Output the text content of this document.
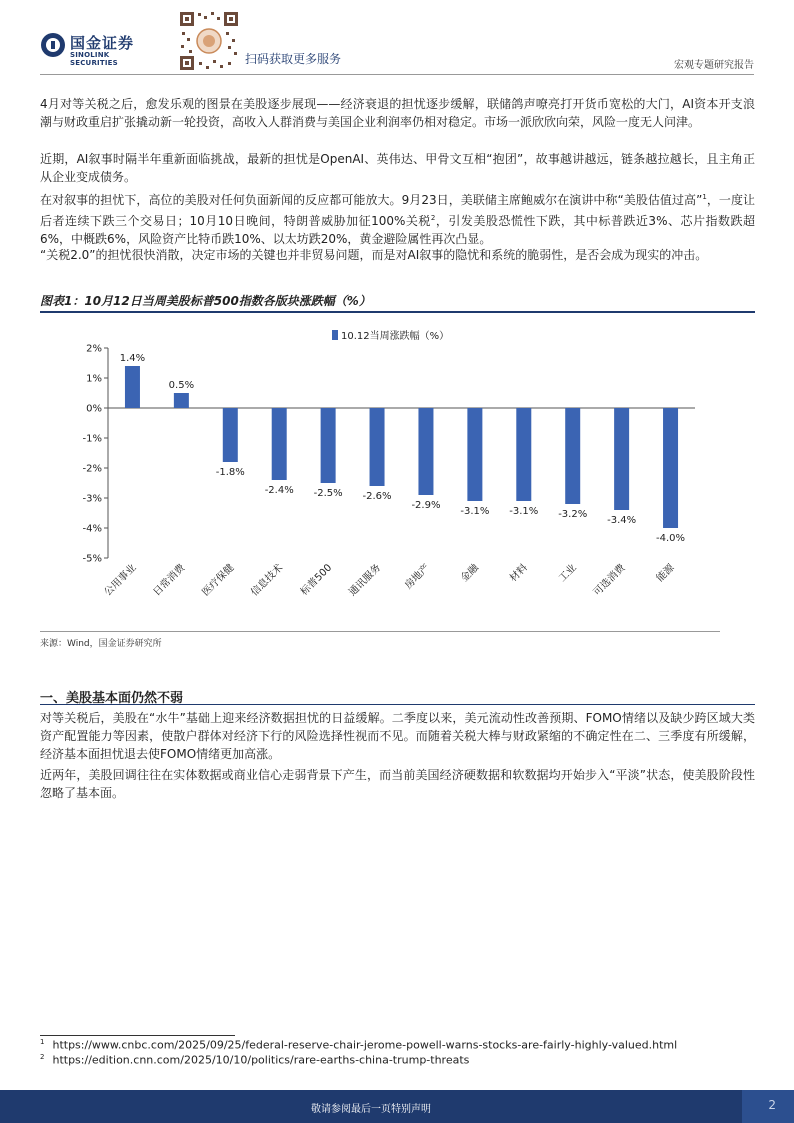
国金证券
SINOLINK SECURITIES	扫码获取更多服务	宏观专题研究报告

4月对等关税之后，愈发乐观的图景在美股逐步展现——经济衰退的担忧逐步缓解，联储鸽声嘹亮打开货币宽松的大门，AI资本开支浪潮与财政重启扩张撬动新一轮投资，高收入人群消费与美国企业利润率仍相对稳定。市场一派欣欣向荣，风险一度无人问津。

近期，AI叙事时隔半年重新面临挑战，最新的担忧是OpenAI、英伟达、甲骨文互相“抱团”，故事越讲越远，链条越拉越长，且主角正从企业变成债务。

在对叙事的担忧下，高位的美股对任何负面新闻的反应都可能放大。9月23日，美联储主席鲍威尔在演讲中称“美股估值过高”$^1$，一度让后者连续下跌三个交易日；10月10日晚间，特朗普威胁加征100%关税$^2$，引发美股恐慌性下跌，其中标普跌近3%、芯片指数跌超6%，中概跌6%，风险资产比特币跌10%、以太坊跌20%，黄金避险属性再次凸显。

“关税2.0”的担忧很快消散，决定市场的关键也并非贸易问题，而是对AI叙事的隐忧和系统的脆弱性，是否会成为现实的冲击。

图表1：10月12日当周美股标普500指数各版块涨跌幅（%）
10.12当周涨跌幅（%）
2%
1%
0%
-1%
-2%
-3%
-4%
-5%
1.4%
0.5%
-1.8%
-2.4% -2.5% -2.6%
-2.9%
-3.1% -3.1% -3.2%
-3.4%
-4.0%
公用事业 日常消费 医疗保健 信息技术 标普500 通讯服务 房地产	金融	材料	工业 可选消费	能源
来源：Wind，国金证券研究所
一、美股基本面仍然不弱

对等关税后，美股在“水牛”基础上迎来经济数据担忧的日益缓解。二季度以来，美元流动性改善预期、FOMO情绪以及缺少跨区域大类资产配置能力等因素，使散户群体对经济下行的风险选择性视而不见。而随着关税大棒与财政紧缩的不确定性在二、三季度有所缓解，经济基本面担忧退去使FOMO情绪更加高涨。

近两年，美股回调往往在实体数据或商业信心走弱背景下产生，而当前美国经济硬数据和软数据均开始步入“平淡”状态，使美股阶段性忽略了基本面。

$^1$ https://www.cnbc.com/2025/09/25/federal-reserve-chair-jerome-powell-warns-stocks-are-fairly-highly-valued.html
$^2$ https://edition.cnn.com/2025/10/10/politics/rare-earths-china-trump-threats
敬请参阅最后一页特别声明	2
